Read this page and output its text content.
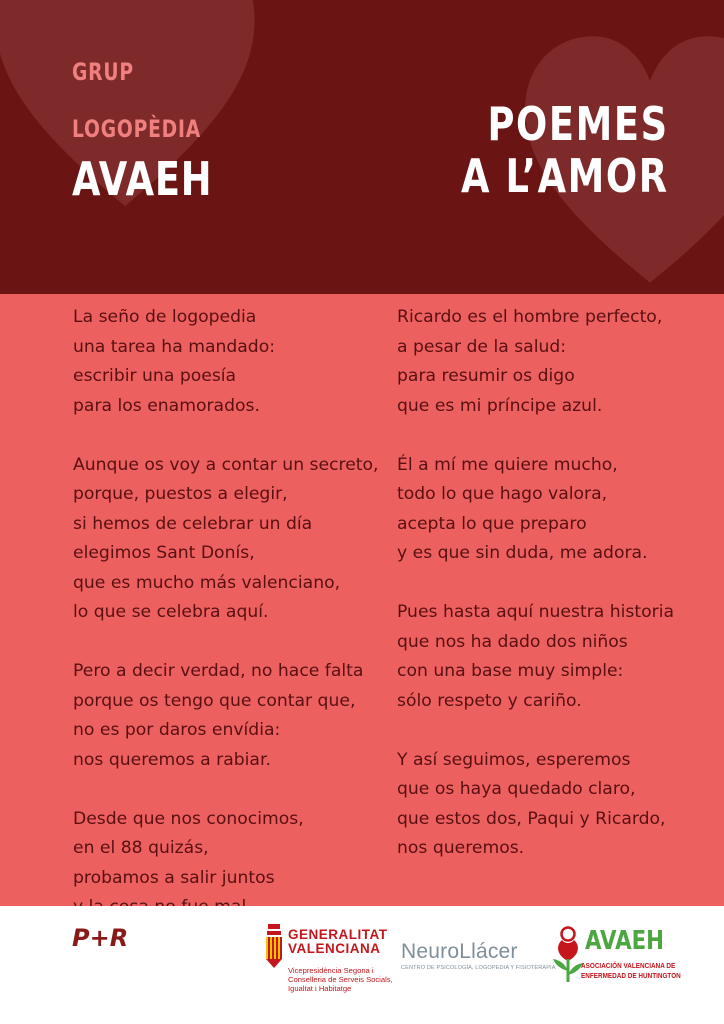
GRUP
LOGOPÈDIA
AVAEH
POEMES
A L’AMOR
La seño de logopedia
una tarea ha mandado:
escribir una poesía
para los enamorados.
Aunque os voy a contar un secreto,
porque, puestos a elegir,
si hemos de celebrar un día
elegimos Sant Donís,
que es mucho más valenciano,
lo que se celebra aquí.
Pero a decir verdad, no hace falta
porque os tengo que contar que,
no es por daros envídia:
nos queremos a rabiar.
Desde que nos conocimos,
en el 88 quizás,
probamos a salir juntos
Ricardo es el hombre perfecto,
a pesar de la salud:
para resumir os digo
que es mi príncipe azul.
Él a mí me quiere mucho,
todo lo que hago valora,
acepta lo que preparo
y es que sin duda, me adora.
Pues hasta aquí nuestra historia
que nos ha dado dos niños
con una base muy simple:
sólo respeto y cariño.
Y así seguimos, esperemos
que os haya quedado claro,
que estos dos, Paqui y Ricardo,
nos queremos.
P+R	GENERALITAT
VALENCIANA
Vicepresidència Segona i
Conselleria de Serveis Socials,
Igualtat i Habitatge
NeuroLlácer
CENTRO DE PSICOLOGÍA, LOGOPEDIA Y FISIOTERAPIA
AVAEH
ASOCIACIÓN VALENCIANA DE
ENFERMEDAD DE HUNTINGTON
